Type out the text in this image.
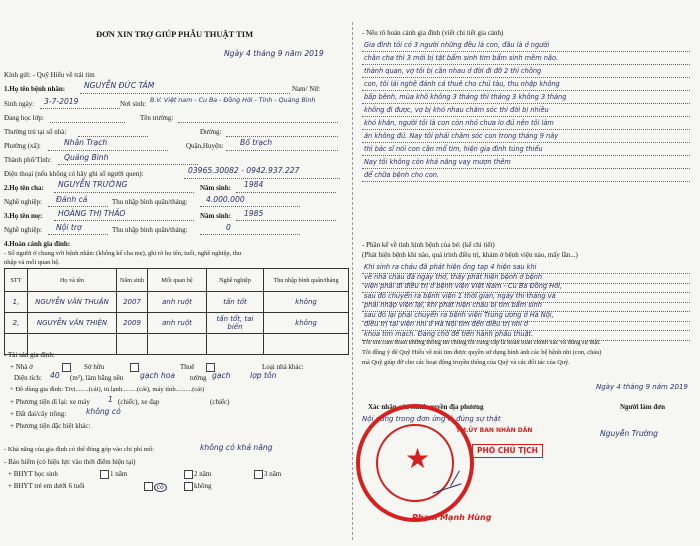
ĐƠN XIN TRỢ GIÚP PHẪU THUẬT TIM
Ngày 4 tháng 9 năm 2019
Kính gửi: - Quỹ Hiểu về trái tim
1.Họ tên bệnh nhân: NGUYỄN ĐỨC TÂM	Nam/ Nữ:
Sinh ngày: 3-7-2019	Nơi sinh: B.V. Việt nam - Cu Ba - Đồng Hới - Tỉnh - Quảng Bình
Đang học lớp:	Tên trường:
Thường trú tại số nhà:	Đường:
Phường (xã):	Nhân Trạch	Quận,Huyện: Bố trạch
Thành phố/Tỉnh: Quảng Bình
Điện thoại (nếu không có hãy ghi số người quen):	03965.30082 - 0942.937.227
2.Họ tên cha: NGUYỄN TRƯỜNG	Năm sinh: 1984
Nghề nghiệp: Đánh cá	Thu nhập bình quân/tháng: 4.000.000
3.Họ tên mẹ: HOÀNG THỊ THẢO	Năm sinh: 1985
Nghề nghiệp: Nội trợ	Thu nhập bình quân/tháng:	0
4.Hoàn cảnh gia đình:
- Số người ở chung với bệnh nhân: (không kể cha mẹ), ghi rõ họ tên, tuổi, nghề nghiệp, thu
nhập và mối quan hệ.
STT	Họ và tên	Năm sinh	Mối quan hệ	Nghề nghiệp	Thu nhập bình quân/tháng
1,	NGUYỄN VĂN THUẬN	2007	anh ruột	tấn tốt	không
2,	NGUYỄN VĂN THIỆN	2009	anh ruột	tấn tốt, tai biến	không

- Tài sản gia đình:
+ Nhà ở	Sở hữu	Thuê	Loại nhà khác:
Diện tích: 40 (m²), làm bằng nền gạch hoa tường gạch	lợp tôn
+ Đồ dùng gia đình: Tivi........(cái), tủ lạnh.........(cái), máy tính..........(cái)
+ Phương tiện đi lại: xe máy 1 (chiếc), xe đạp	(chiếc)
+ Đất đai/cây trồng:	không có
+ Phương tiện đặc biệt khác:
- Khả năng của gia đình có thể đóng góp vào chi phí mổ:	không có khả năng
- Bảo hiểm (có hiệu lực vào thời điểm hiện tại)
+ BHYT học sinh	1 năm	2 năm	3 năm
+ BHYT trẻ em dưới 6 tuổi	có	không
- Nêu rõ hoàn cảnh gia đình (viết chi tiết gia cảnh)
Gia đình tôi có 3 người những đều là con, đầu là ở người
chân cha thì 3 mới bị tật bẩm sinh tim bẩm sinh mềm não.
thành quan, vợ tôi bị cần nhau ở đời đi đỡ 2 thì chồng
con, tôi lái nghề đánh cá thuê cho chủ tàu, thu nhập không
bấp bênh, mùa khô không 3 tháng thì tháng 3 không 3 tháng
không đi được, vợ bị khó nhau chăm sóc thì đời bị nhiều
khó khăn, người tôi là con còn nhỏ chưa lo đủ nên tôi làm
ăn không đủ. Nay tôi phải chăm sóc con trong tháng 9 này
thì bác sĩ nói con cần mổ tim, hiện gia đình túng thiếu
Nay tôi không còn khả năng vay mượn thêm
để chữa bệnh cho con.
- Phần kể về tình hình bệnh của bé: (kể chi tiết)
(Phát hiện bệnh khi nào, quá trình điều trị, khám ở bệnh viện nào, mấy lần...)
Khi sinh ra cháu đã phát hiện ống tạp 4 hiện sau khi
về nhà cháu đã ngày thở, thấy phát hiện bệnh ở bệnh
viện phải đi điều trị ở bệnh viện Việt Nam - Cu Ba Đồng Hới,
sau đó chuyển ra bệnh viện 1 thời gian, ngày thì tháng và
phải nhập viện lại, khi phát hiện cháu bị tim bẩm sinh
sau đó lại phải chuyển ra bệnh viện Trung ương ở Hà Nội,
điều trị tại viện nhi ở Hà Nội tim đến điều trị nhi ở
khoa tim mạch. Đang chờ để tiến hành phẫu thuật.
Tôi xin cam đoan những thông tin chúng tôi cung cấp là hoàn toàn chính xác và đúng sự thật.
Tôi đồng ý để Quỹ Hiểu về trái tim được quyền sử dụng hình ảnh các bệ bệnh nhi (con, cháu)
mà Quỹ giúp đỡ cho các hoạt động truyền thông của Quỹ và các đối tác của Quỹ.
Ngày 4 tháng 9 năm 2019
Xác nhận của chính quyền địa phương
Nội dung trong đơn ứng là đúng sự thật
Người làm đơn
Nguyễn Trường
★
TM.ỦY BAN NHÂN DÂN
PHÓ CHỦ TỊCH
Phạm Mạnh Hùng
